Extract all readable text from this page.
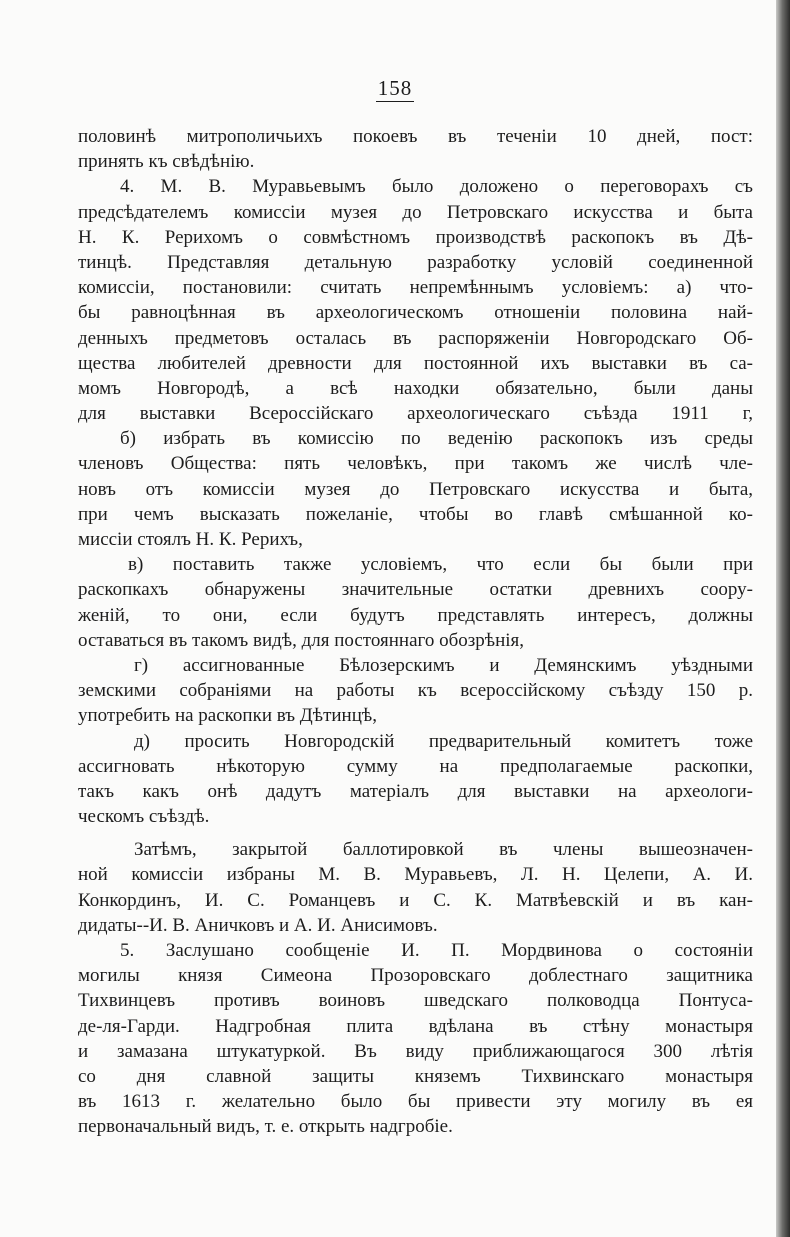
158
половинѣ митрополичьихъ покоевъ въ теченіи 10 дней, пост:
принять къ свѣдѣнію.
4. М. В. Муравьевымъ было доложено о переговорахъ съ
предсѣдателемъ комиссіи музея до Петровскаго искусства и быта
Н. К. Рерихомъ о совмѣстномъ производствѣ раскопокъ въ Дѣ-
тинцѣ. Представляя детальную разработку условій соединенной
комиссіи, постановили: считать непремѣннымъ условіемъ: а) что-
бы равноцѣнная въ археологическомъ отношеніи половина най-
денныхъ предметовъ осталась въ распоряженіи Новгородскаго Об-
щества любителей древности для постоянной ихъ выставки въ са-
момъ Новгородѣ, а всѣ находки обязательно, были даны
для выставки Всероссійскаго археологическаго съѣзда 1911 г,
б) избрать въ комиссію по веденію раскопокъ изъ среды
членовъ Общества: пять человѣкъ, при такомъ же числѣ чле-
новъ отъ комиссіи музея до Петровскаго искусства и быта,
при чемъ высказать пожеланіе, чтобы во главѣ смѣшанной ко-
миссіи стоялъ Н. К. Рерихъ,
в) поставить также условіемъ, что если бы были при
раскопкахъ обнаружены значительные остатки древнихъ соору-
женій, то они, если будутъ представлять интересъ, должны
оставаться въ такомъ видѣ, для постояннаго обозрѣнія,
г) ассигнованные Бѣлозерскимъ и Демянскимъ уѣздными
земскими собраніями на работы къ всероссійскому съѣзду 150 р.
употребить на раскопки въ Дѣтинцѣ,
д) просить Новгородскій предварительный комитетъ тоже
ассигновать нѣкоторую сумму на предполагаемые раскопки,
такъ какъ онѣ дадутъ матеріалъ для выставки на археологи-
ческомъ съѣздѣ.
Затѣмъ, закрытой баллотировкой въ члены вышеозначен-
ной комиссіи избраны М. В. Муравьевъ, Л. Н. Целепи, А. И.
Конкординъ, И. С. Романцевъ и С. К. Матвѣевскій и въ кан-
дидаты--И. В. Аничковъ и А. И. Анисимовъ.
5. Заслушано сообщеніе И. П. Мордвинова о состояніи
могилы князя Симеона Прозоровскаго доблестнаго защитника
Тихвинцевъ противъ воиновъ шведскаго полководца Понтуса-
де-ля-Гарди. Надгробная плита вдѣлана въ стѣну монастыря
и замазана штукатуркой. Въ виду приближающагося 300 лѣтія
со дня славной защиты княземъ Тихвинскаго монастыря
въ 1613 г. желательно было бы привести эту могилу въ ея
первоначальный видъ, т. е. открыть надгробіе.
